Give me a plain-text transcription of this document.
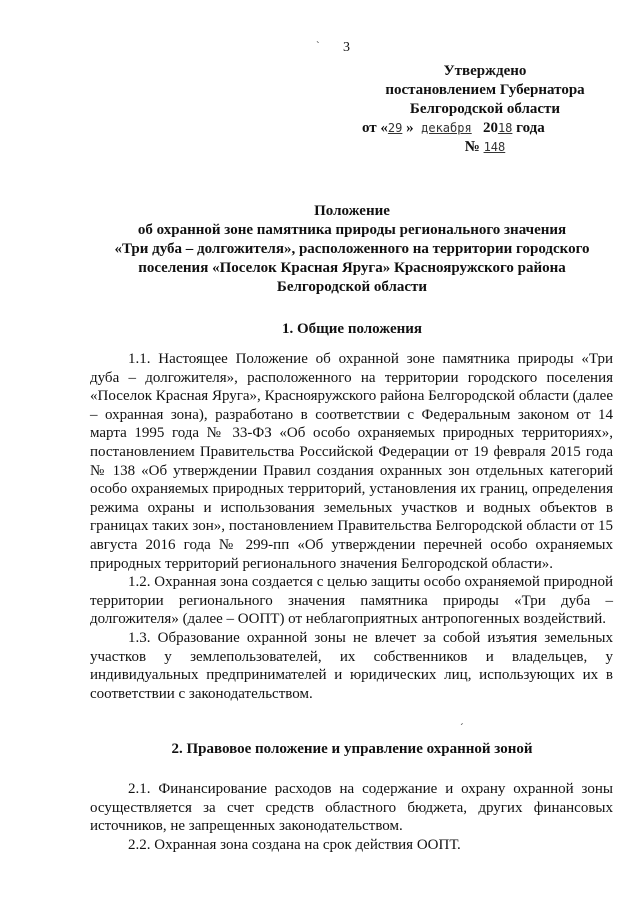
3
Утверждено
постановлением Губернатора
Белгородской области
от «29 » декабря 2018 года
№ 148
Положение
об охранной зоне памятника природы регионального значения
«Три дуба – долгожителя», расположенного на территории городского
поселения «Поселок Красная Яруга» Краснояружского района
Белгородской области
1. Общие положения

1.1. Настоящее Положение об охранной зоне памятника природы «Три дуба – долгожителя», расположенного на территории городского поселения «Поселок Красная Яруга», Краснояружского района Белгородской области (далее – охранная зона), разработано в соответствии с Федеральным законом от 14 марта 1995 года № 33-ФЗ «Об особо охраняемых природных территориях», постановлением Правительства Российской Федерации от 19 февраля 2015 года № 138 «Об утверждении Правил создания охранных зон отдельных категорий особо охраняемых природных территорий, установления их границ, определения режима охраны и использования земельных участков и водных объектов в границах таких зон», постановлением Правительства Белгородской области от 15 августа 2016 года № 299-пп «Об утверждении перечней особо охраняемых природных территорий регионального значения Белгородской области».

1.2. Охранная зона создается с целью защиты особо охраняемой природной территории регионального значения памятника природы «Три дуба – долгожителя» (далее – ООПТ) от неблагоприятных антропогенных воздействий.

1.3. Образование охранной зоны не влечет за собой изъятия земельных участков у землепользователей, их собственников и владельцев, у индивидуальных предпринимателей и юридических лиц, использующих их в соответствии с законодательством.

2. Правовое положение и управление охранной зоной

2.1. Финансирование расходов на содержание и охрану охранной зоны осуществляется за счет средств областного бюджета, других финансовых источников, не запрещенных законодательством.

2.2. Охранная зона создана на срок действия ООПТ.

ˋ
ˊ
